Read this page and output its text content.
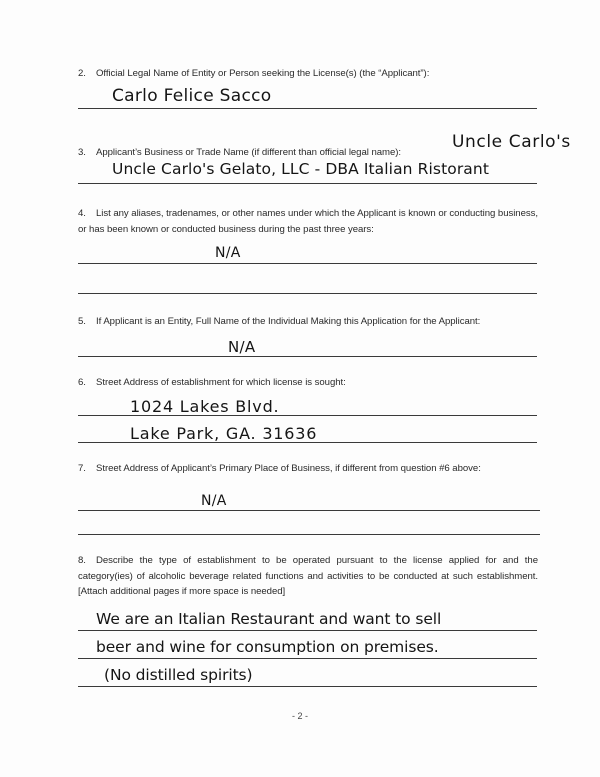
2. Official Legal Name of Entity or Person seeking the License(s) (the “Applicant”):
Carlo Felice Sacco
3. Applicant’s Business or Trade Name (if different than official legal name):
Uncle Carlo's
Uncle Carlo's Gelato, LLC - DBA Italian Ristorant
4. List any aliases, tradenames, or other names under which the Applicant is known or conducting business, or has been known or conducted business during the past three years:
N/A
5. If Applicant is an Entity, Full Name of the Individual Making this Application for the Applicant:
N/A
6. Street Address of establishment for which license is sought:
1024 Lakes Blvd.
Lake Park, GA. 31636
7. Street Address of Applicant’s Primary Place of Business, if different from question #6 above:
N/A
8. Describe the type of establishment to be operated pursuant to the license applied for and the category(ies) of alcoholic beverage related functions and activities to be conducted at such establishment. [Attach additional pages if more space is needed]
We are an Italian Restaurant and want to sell
beer and wine for consumption on premises.
(No distilled spirits)
- 2 -
